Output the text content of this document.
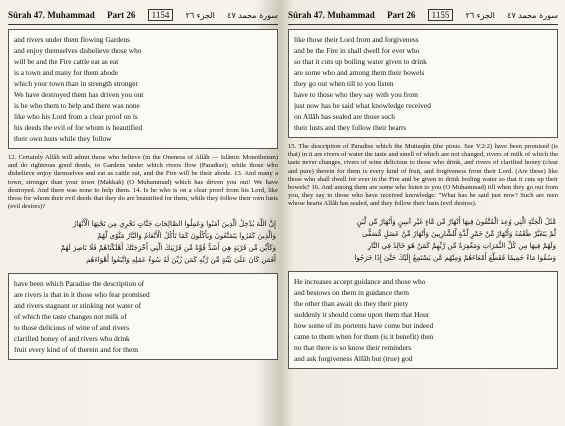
Sûrah 47. Muhammad Part 26	1154	الجزء ٢٦ سورة محمد ٤٧
and rivers under them flowing Gardens
and enjoy themselves disbelieve those who
will be and the Fire cattle eat as eat
is a town and many for them abode
which your town than in strength stronger
We have destroyed them has driven you out
is he who them to help and there was none
like who his Lord from a clear proof on is
his deeds the evil of for whom is beautified
their own lusts while they follow
12. Certainly Allâh will admit those who believe (in the Oneness of Allâh — Islâmic Monotheism) and do righteous good deeds, to Gardens under which rivers flow (Paradise); while those who disbelieve enjoy themselves and eat as cattle eat, and the Fire will be their abode. 13. And many a town, stronger than your town (Makkah) (O Muhammad) which has driven you out! We have destroyed. And there was none to help them. 14. Is he who is on a clear proof from his Lord, like those for whom their evil deeds that they do are beautified for them, while they follow their own lusts (evil desires)?
إِنَّ اللَّهَ يُدْخِلُ الَّذِينَ آمَنُوا وَعَمِلُوا الصَّالِحَاتِ جَنَّاتٍ تَجْرِي مِن تَحْتِهَا الْأَنْهَارُ
وَالَّذِينَ كَفَرُوا يَتَمَتَّعُونَ وَيَأْكُلُونَ كَمَا تَأْكُلُ الْأَنْعَامُ وَالنَّارُ مَثْوًى لَّهُمْ
وَكَأَيِّن مِّن قَرْيَةٍ هِيَ أَشَدُّ قُوَّةً مِّن قَرْيَتِكَ الَّتِي أَخْرَجَتْكَ أَهْلَكْنَاهُمْ فَلَا نَاصِرَ لَهُمْ
أَفَمَن كَانَ عَلَىٰ بَيِّنَةٍ مِّن رَّبِّهِ كَمَن زُيِّنَ لَهُ سُوءُ عَمَلِهِ وَاتَّبَعُوا أَهْوَاءَهُم
have been which Paradise the description of
are rivers is that in it those who fear promised
and rivers stagnant or stinking not water of
of which the taste changes not milk of
to those delicious of wine of and rivers
clarified honey of and rivers who drink
fruit every kind of of therein and for them
Sûrah 47. Muhammad Part 26	1155	الجزء ٢٦ سورة محمد ٤٧
like those their Lord from and forgiveness
and be the Fire in shall dwell for ever who
so that it cuts up boiling water given to drink
are some who and among them their bowels
they go out when till to you listen
have to those who they say with you from
just now has he said what knowledge received
on Allâh has sealed are those such
their lusts and they follow their hearts
15. The description of Paradise which the Muttaqûn (the pious. See V.2:2) have been promised (is that) in it are rivers of water the taste and smell of which are not changed, rivers of milk of which the taste never changes, rivers of wine delicious to those who drink, and rivers of clarified honey (clear and pure) therein for them is every kind of fruit, and forgiveness from their Lord. (Are these) like those who shall dwell for ever in the Fire and be given to drink boiling water so that it cuts up their bowels? 16. And among them are some who listen to you (O Muhammad) till when they go out from you, they say to those who have received knowledge: "What has he said just now? Such are men whose hearts Allâh has sealed, and they follow their lusts (evil desires).
مَّثَلُ الْجَنَّةِ الَّتِي وُعِدَ الْمُتَّقُونَ فِيهَا أَنْهَارٌ مِّن مَّاءٍ غَيْرِ آسِنٍ وَأَنْهَارٌ مِّن لَّبَنٍ
لَّمْ يَتَغَيَّرْ طَعْمُهُ وَأَنْهَارٌ مِّنْ خَمْرٍ لَّذَّةٍ لِّلشَّارِبِينَ وَأَنْهَارٌ مِّنْ عَسَلٍ مُّصَفًّى
وَلَهُمْ فِيهَا مِن كُلِّ الثَّمَرَاتِ وَمَغْفِرَةٌ مِّن رَّبِّهِمْ كَمَنْ هُوَ خَالِدٌ فِي النَّارِ
وَسُقُوا مَاءً حَمِيمًا فَقَطَّعَ أَمْعَاءَهُمْ وَمِنْهُم مَّن يَسْتَمِعُ إِلَيْكَ حَتَّىٰ إِذَا خَرَجُوا
He increases accept guidance and those who
and bestows on them in guidance them
the other than await do they their piety
suddenly it should come upon them that Hour
how some of its portents have come but indeed
came to them when for them (is it benefit) then
no that there is so know their reminders
and ask forgiveness Allâh but (true) god
